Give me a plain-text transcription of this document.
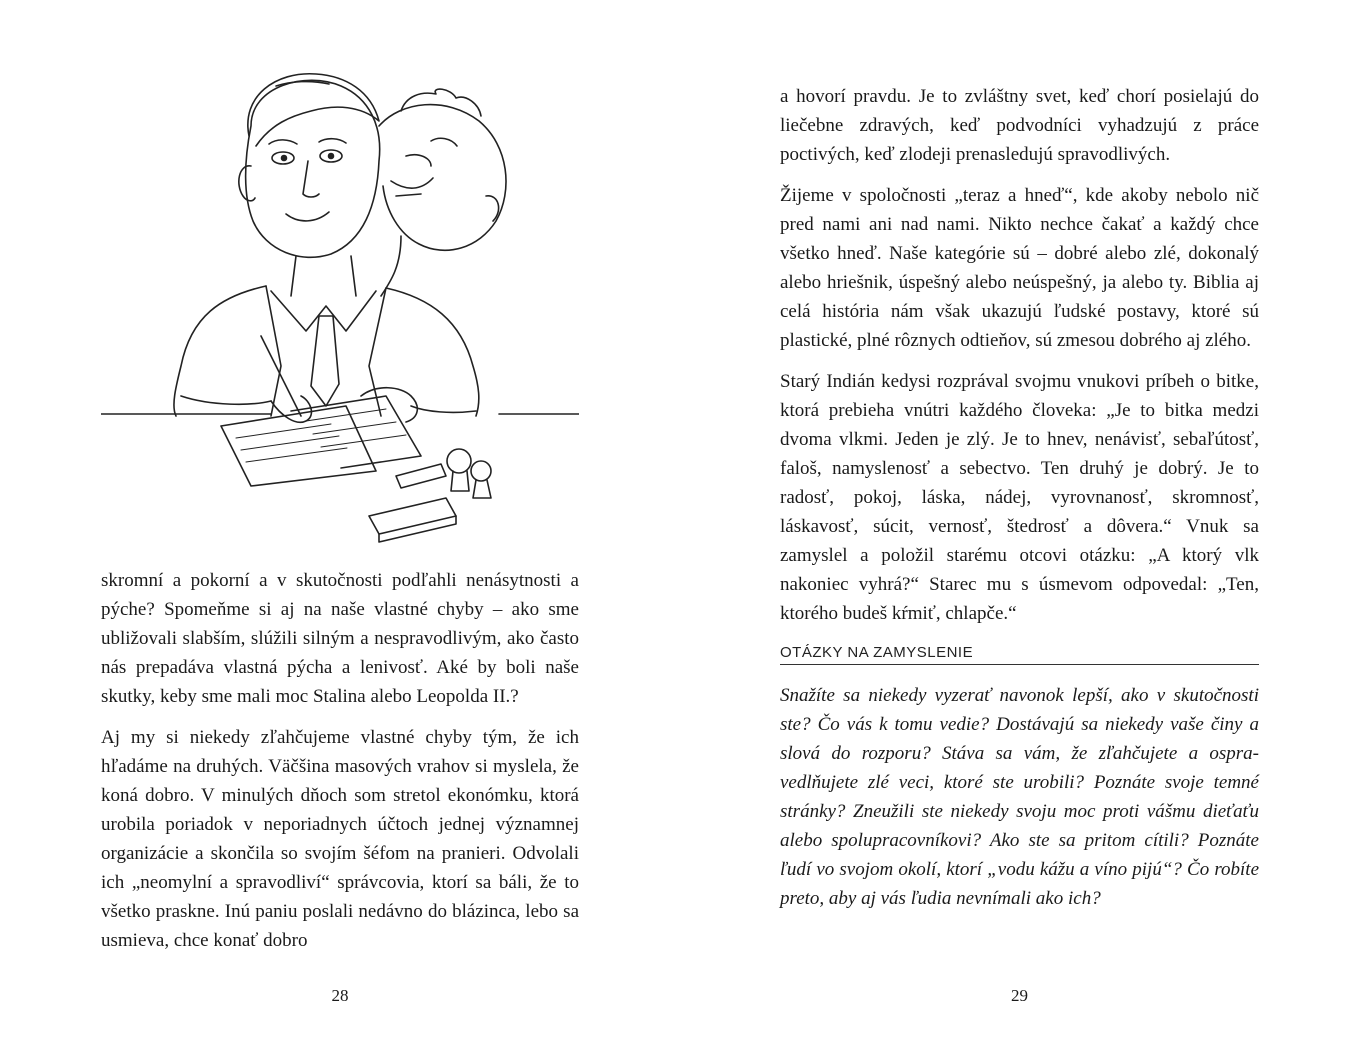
skromní a pokorní a v skutočnosti podľahli nenásytnosti a pýche? Spomeňme si aj na naše vlastné chyby – ako sme ubližovali slabším, slúžili silným a nespravodlivým, ako často nás prepadáva vlastná pýcha a lenivosť. Aké by boli naše skutky, keby sme mali moc Stalina alebo Leopolda II.?

Aj my si niekedy zľahčujeme vlastné chyby tým, že ich hľadáme na druhých. Väčšina masových vrahov si myslela, že koná dobro. V minulých dňoch som stretol ekonómku, ktorá urobila poriadok v neporiadnych účtoch jednej významnej organizácie a skončila so svojím šéfom na pranieri. Odvolali ich „neomylní a spravodliví“ správcovia, ktorí sa báli, že to všetko praskne. Inú paniu poslali nedávno do blázinca, lebo sa usmieva, chce konať dobro

28

a hovorí pravdu. Je to zvláštny svet, keď chorí posielajú do liečebne zdravých, keď podvodníci vyhadzujú z práce poctivých, keď zlodeji prenasledujú spravodlivých.

Žijeme v spoločnosti „teraz a hneď“, kde akoby nebolo nič pred nami ani nad nami. Nikto nechce čakať a každý chce všetko hneď. Naše kategórie sú – dobré alebo zlé, dokonalý alebo hriešnik, úspešný alebo neúspešný, ja alebo ty. Biblia aj celá história nám však ukazujú ľudské postavy, ktoré sú plastické, plné rôznych odtieňov, sú zmesou dobrého aj zlého.

Starý Indián kedysi rozprával svojmu vnukovi príbeh o bitke, ktorá prebieha vnútri každého človeka: „Je to bitka medzi dvoma vlkmi. Jeden je zlý. Je to hnev, nenávisť, sebaľútosť, faloš, namyslenosť a sebectvo. Ten druhý je dobrý. Je to radosť, pokoj, láska, nádej, vyrovnanosť, skromnosť, láskavosť, súcit, vernosť, štedrosť a dôvera.“ Vnuk sa zamyslel a položil starému otcovi otázku: „A ktorý vlk nakoniec vyhrá?“ Starec mu s úsmevom odpovedal: „Ten, ktorého budeš kŕmiť, chlapče.“

OTÁZKY NA ZAMYSLENIE

Snažíte sa niekedy vyzerať navonok lepší, ako v skutočnosti ste? Čo vás k tomu vedie? Dostávajú sa niekedy vaše činy a slová do rozporu? Stáva sa vám, že zľahčujete a ospravedlňujete zlé veci, ktoré ste urobili? Poznáte svoje temné stránky? Zneužili ste niekedy svoju moc proti vášmu dieťaťu alebo spolupracovníkovi? Ako ste sa pritom cítili? Poznáte ľudí vo svojom okolí, ktorí „vodu kážu a víno pijú“? Čo robíte preto, aby aj vás ľudia nevnímali ako ich?

29
